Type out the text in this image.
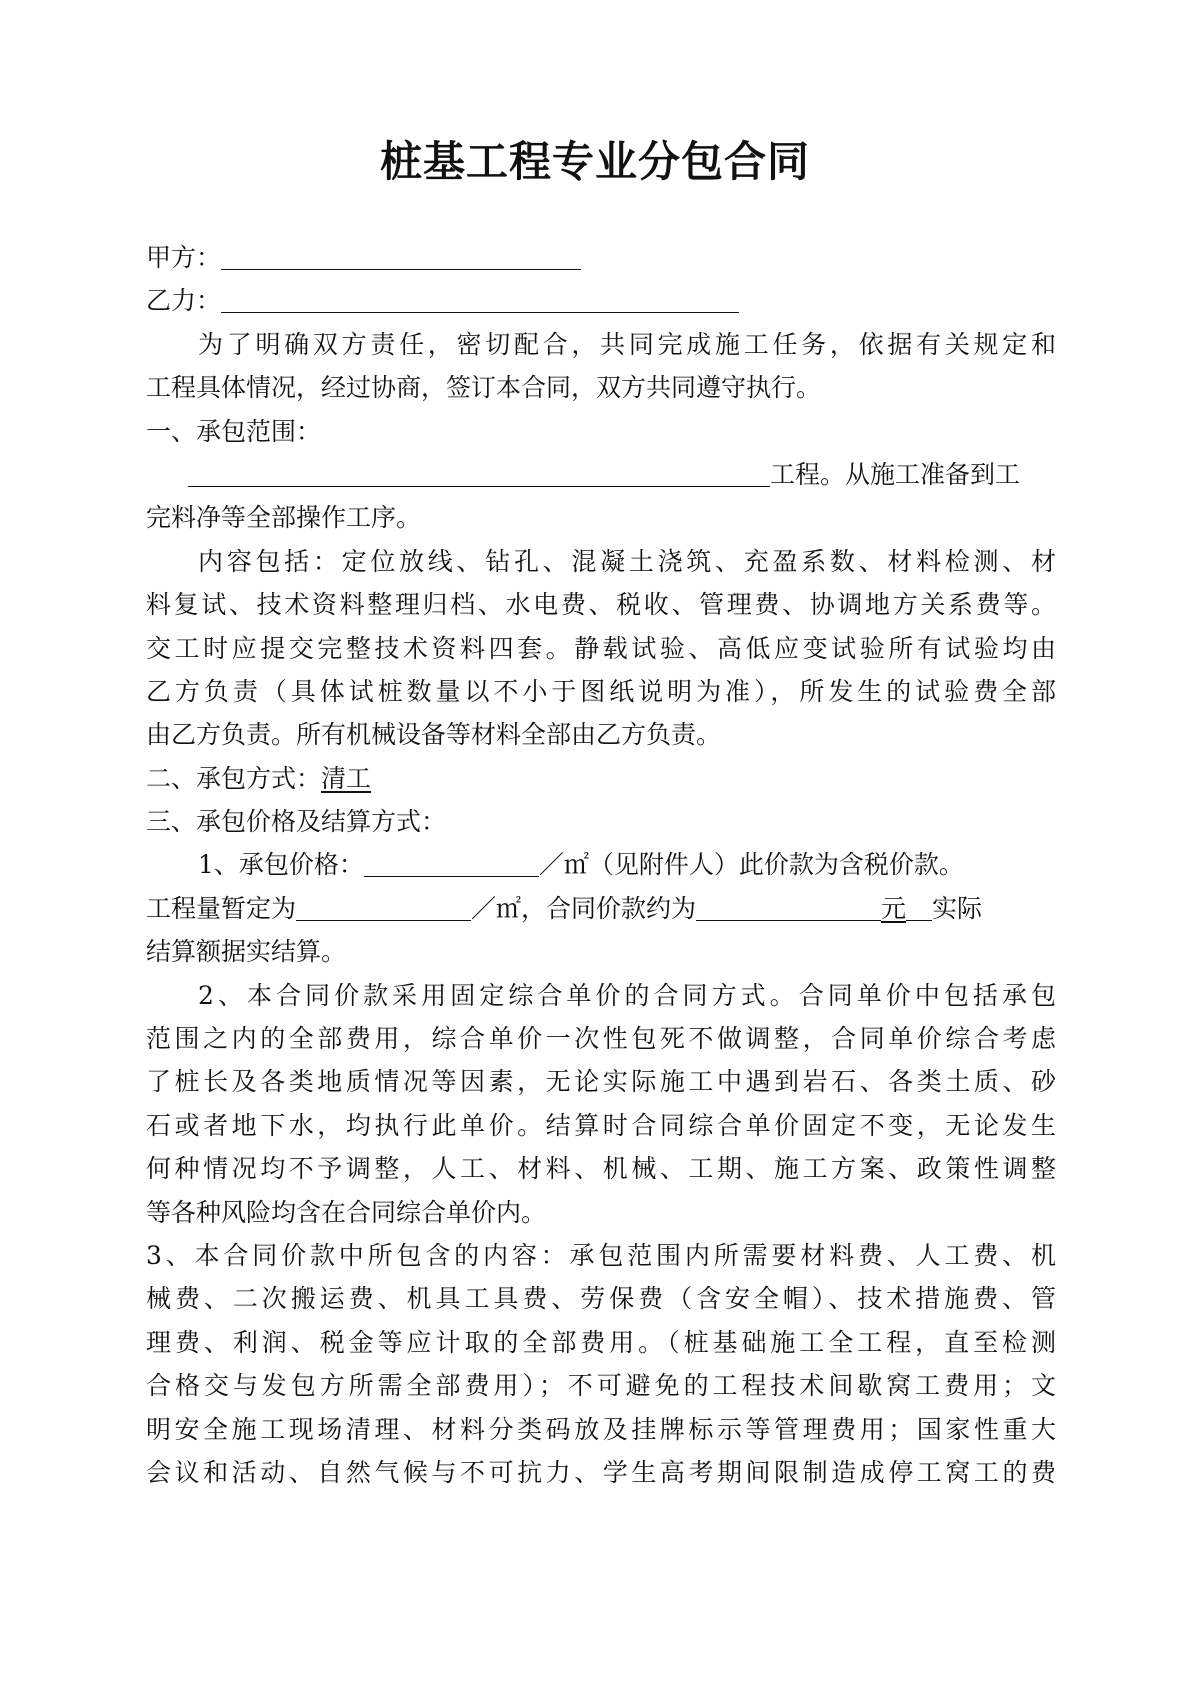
桩基工程专业分包合同
甲方：
乙力：
为了明确双方责任，密切配合，共同完成施工任务，依据有关规定和
工程具体情况，经过协商，签订本合同，双方共同遵守执行。
一、承包范围：
工程。从施工准备到工
完料净等全部操作工序。
内容包括：定位放线、钻孔、混凝土浇筑、充盈系数、材料检测、材
料复试、技术资料整理归档、水电费、税收、管理费、协调地方关系费等。
交工时应提交完整技术资料四套。静载试验、高低应变试验所有试验均由
乙方负责（具体试桩数量以不小于图纸说明为准），所发生的试验费全部
由乙方负责。所有机械设备等材料全部由乙方负责。
二、承包方式：清工
三、承包价格及结算方式：
1、承包价格：	／㎡（见附件人）此价款为含税价款。
工程量暂定为	／㎡，合同价款约为	元 实际
结算额据实结算。
2、本合同价款采用固定综合单价的合同方式。合同单价中包括承包
范围之内的全部费用，综合单价一次性包死不做调整，合同单价综合考虑
了桩长及各类地质情况等因素，无论实际施工中遇到岩石、各类土质、砂
石或者地下水，均执行此单价。结算时合同综合单价固定不变，无论发生
何种情况均不予调整，人工、材料、机械、工期、施工方案、政策性调整
等各种风险均含在合同综合单价内。
3、本合同价款中所包含的内容：承包范围内所需要材料费、人工费、机
械费、二次搬运费、机具工具费、劳保费（含安全帽）、技术措施费、管
理费、利润、税金等应计取的全部费用。（桩基础施工全工程，直至检测
合格交与发包方所需全部费用）；不可避免的工程技术间歇窝工费用；文
明安全施工现场清理、材料分类码放及挂牌标示等管理费用；国家性重大
会议和活动、自然气候与不可抗力、学生高考期间限制造成停工窝工的费
